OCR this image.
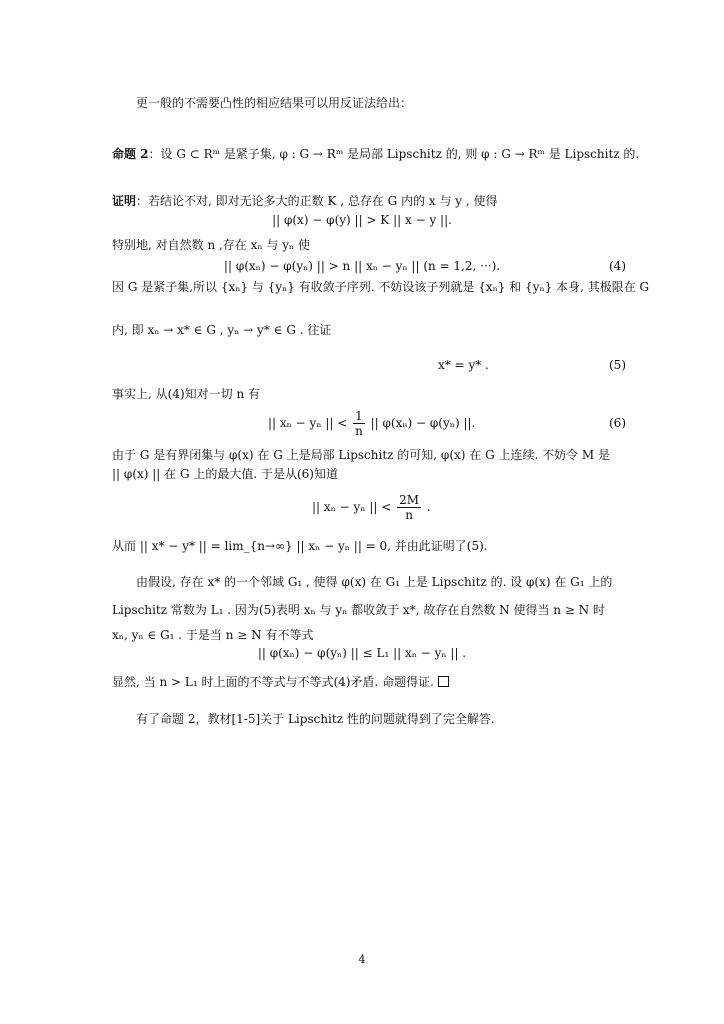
更一般的不需要凸性的相应结果可以用反证法给出：
命题 2：设 G ⊂ Rᵐ 是紧子集, φ : G → Rᵐ 是局部 Lipschitz 的, 则 φ : G → Rᵐ 是 Lipschitz 的.
证明：若结论不对, 即对无论多大的正数 K , 总存在 G 内的 x 与 y , 使得
|| φ(x) − φ(y) || > K || x − y ||.
特别地, 对自然数 n ,存在 xₙ 与 yₙ 使
|| φ(xₙ) − φ(yₙ) || > n || xₙ − yₙ || (n = 1,2, ···).	(4)
因 G 是紧子集,所以 {xₙ} 与 {yₙ} 有收敛子序列. 不妨设该子列就是 {xₙ} 和 {yₙ} 本身, 其极限在 G
内, 即 xₙ → x* ∈ G , yₙ → y* ∈ G . 往证
x* = y* .	(5)
事实上, 从(4)知对一切 n 有
|| xₙ − yₙ || < $\frac{1}{n}$ || φ(xₙ) − φ(yₙ) ||.	(6)
由于 G 是有界闭集与 φ(x) 在 G 上是局部 Lipschitz 的可知, φ(x) 在 G 上连续. 不妨令 M 是
|| φ(x) || 在 G 上的最大值. 于是从(6)知道
|| xₙ − yₙ || < $\frac{2M}{n}$ .
从而 || x* − y* || = lim_{n→∞} || xₙ − yₙ || = 0, 并由此证明了(5).
由假设, 存在 x* 的一个邻域 G₁ , 使得 φ(x) 在 G₁ 上是 Lipschitz 的. 设 φ(x) 在 G₁ 上的
Lipschitz 常数为 L₁ . 因为(5)表明 xₙ 与 yₙ 都收敛于 x*, 故存在自然数 N 使得当 n ≥ N 时
xₙ, yₙ ∈ G₁ . 于是当 n ≥ N 有不等式
|| φ(xₙ) − φ(yₙ) || ≤ L₁ || xₙ − yₙ || .
显然, 当 n > L₁ 时上面的不等式与不等式(4)矛盾. 命题得证.
有了命题 2，教材[1-5]关于 Lipschitz 性的问题就得到了完全解答.
4
